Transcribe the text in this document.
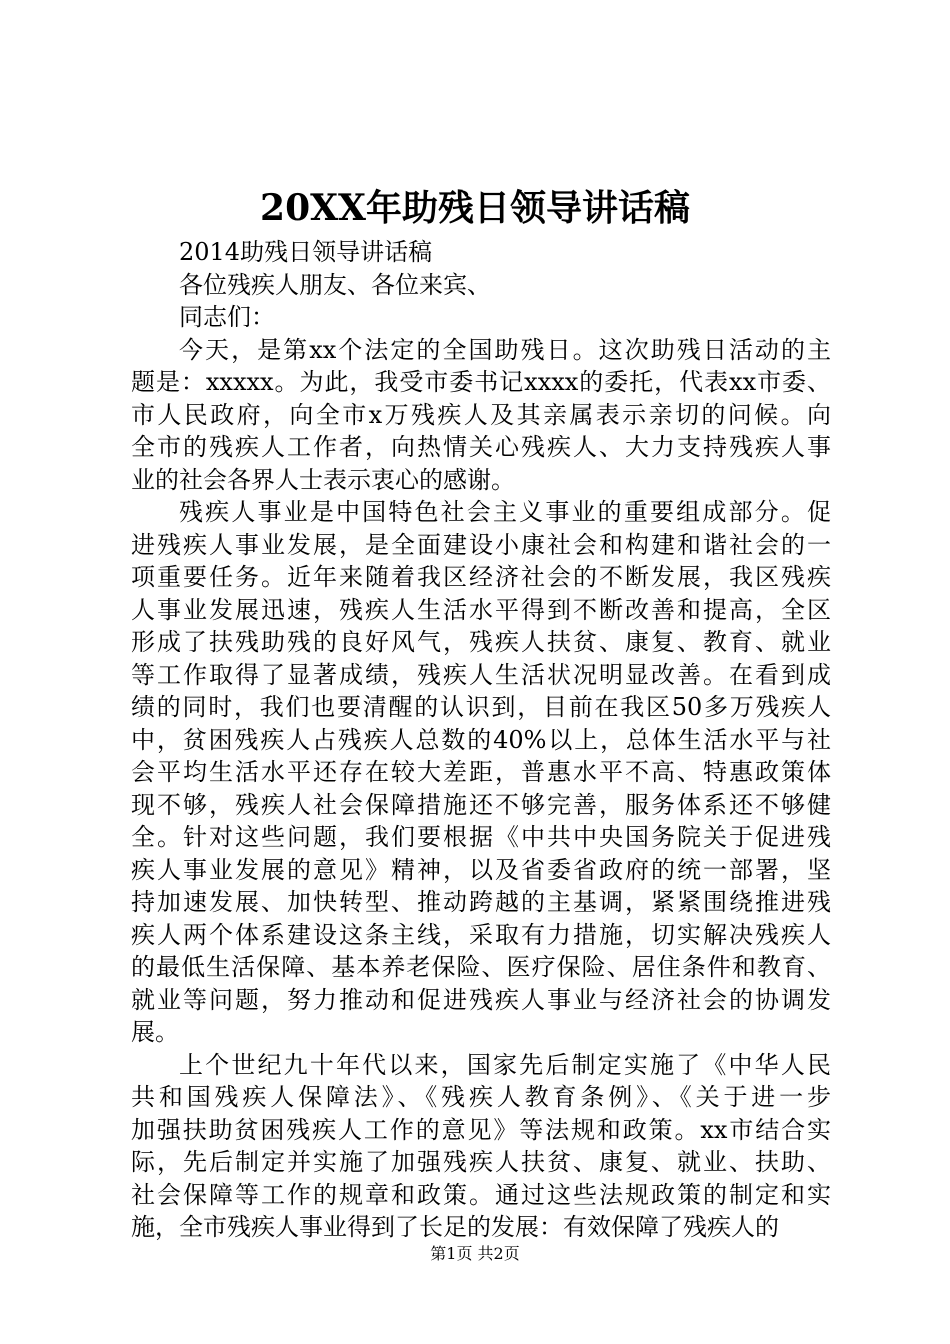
20XX年助残日领导讲话稿
2014助残日领导讲话稿
各位残疾人朋友、各位来宾、
同志们：
今天，是第xx个法定的全国助残日。这次助残日活动的主
题是：xxxxx。为此，我受市委书记xxxx的委托，代表xx市委、
市人民政府，向全市x万残疾人及其亲属表示亲切的问候。向
全市的残疾人工作者，向热情关心残疾人、大力支持残疾人事
业的社会各界人士表示衷心的感谢。
残疾人事业是中国特色社会主义事业的重要组成部分。促
进残疾人事业发展，是全面建设小康社会和构建和谐社会的一
项重要任务。近年来随着我区经济社会的不断发展，我区残疾
人事业发展迅速，残疾人生活水平得到不断改善和提高，全区
形成了扶残助残的良好风气，残疾人扶贫、康复、教育、就业
等工作取得了显著成绩，残疾人生活状况明显改善。在看到成
绩的同时，我们也要清醒的认识到，目前在我区50多万残疾人
中，贫困残疾人占残疾人总数的40%以上，总体生活水平与社
会平均生活水平还存在较大差距，普惠水平不高、特惠政策体
现不够，残疾人社会保障措施还不够完善，服务体系还不够健
全。针对这些问题，我们要根据《中共中央国务院关于促进残
疾人事业发展的意见》精神，以及省委省政府的统一部署，坚
持加速发展、加快转型、推动跨越的主基调，紧紧围绕推进残
疾人两个体系建设这条主线，采取有力措施，切实解决残疾人
的最低生活保障、基本养老保险、医疗保险、居住条件和教育、
就业等问题，努力推动和促进残疾人事业与经济社会的协调发
展。
上个世纪九十年代以来，国家先后制定实施了《中华人民
共和国残疾人保障法》、《残疾人教育条例》、《关于进一步
加强扶助贫困残疾人工作的意见》等法规和政策。xx市结合实
际，先后制定并实施了加强残疾人扶贫、康复、就业、扶助、
社会保障等工作的规章和政策。通过这些法规政策的制定和实
施，全市残疾人事业得到了长足的发展：有效保障了残疾人的
第1页 共2页
